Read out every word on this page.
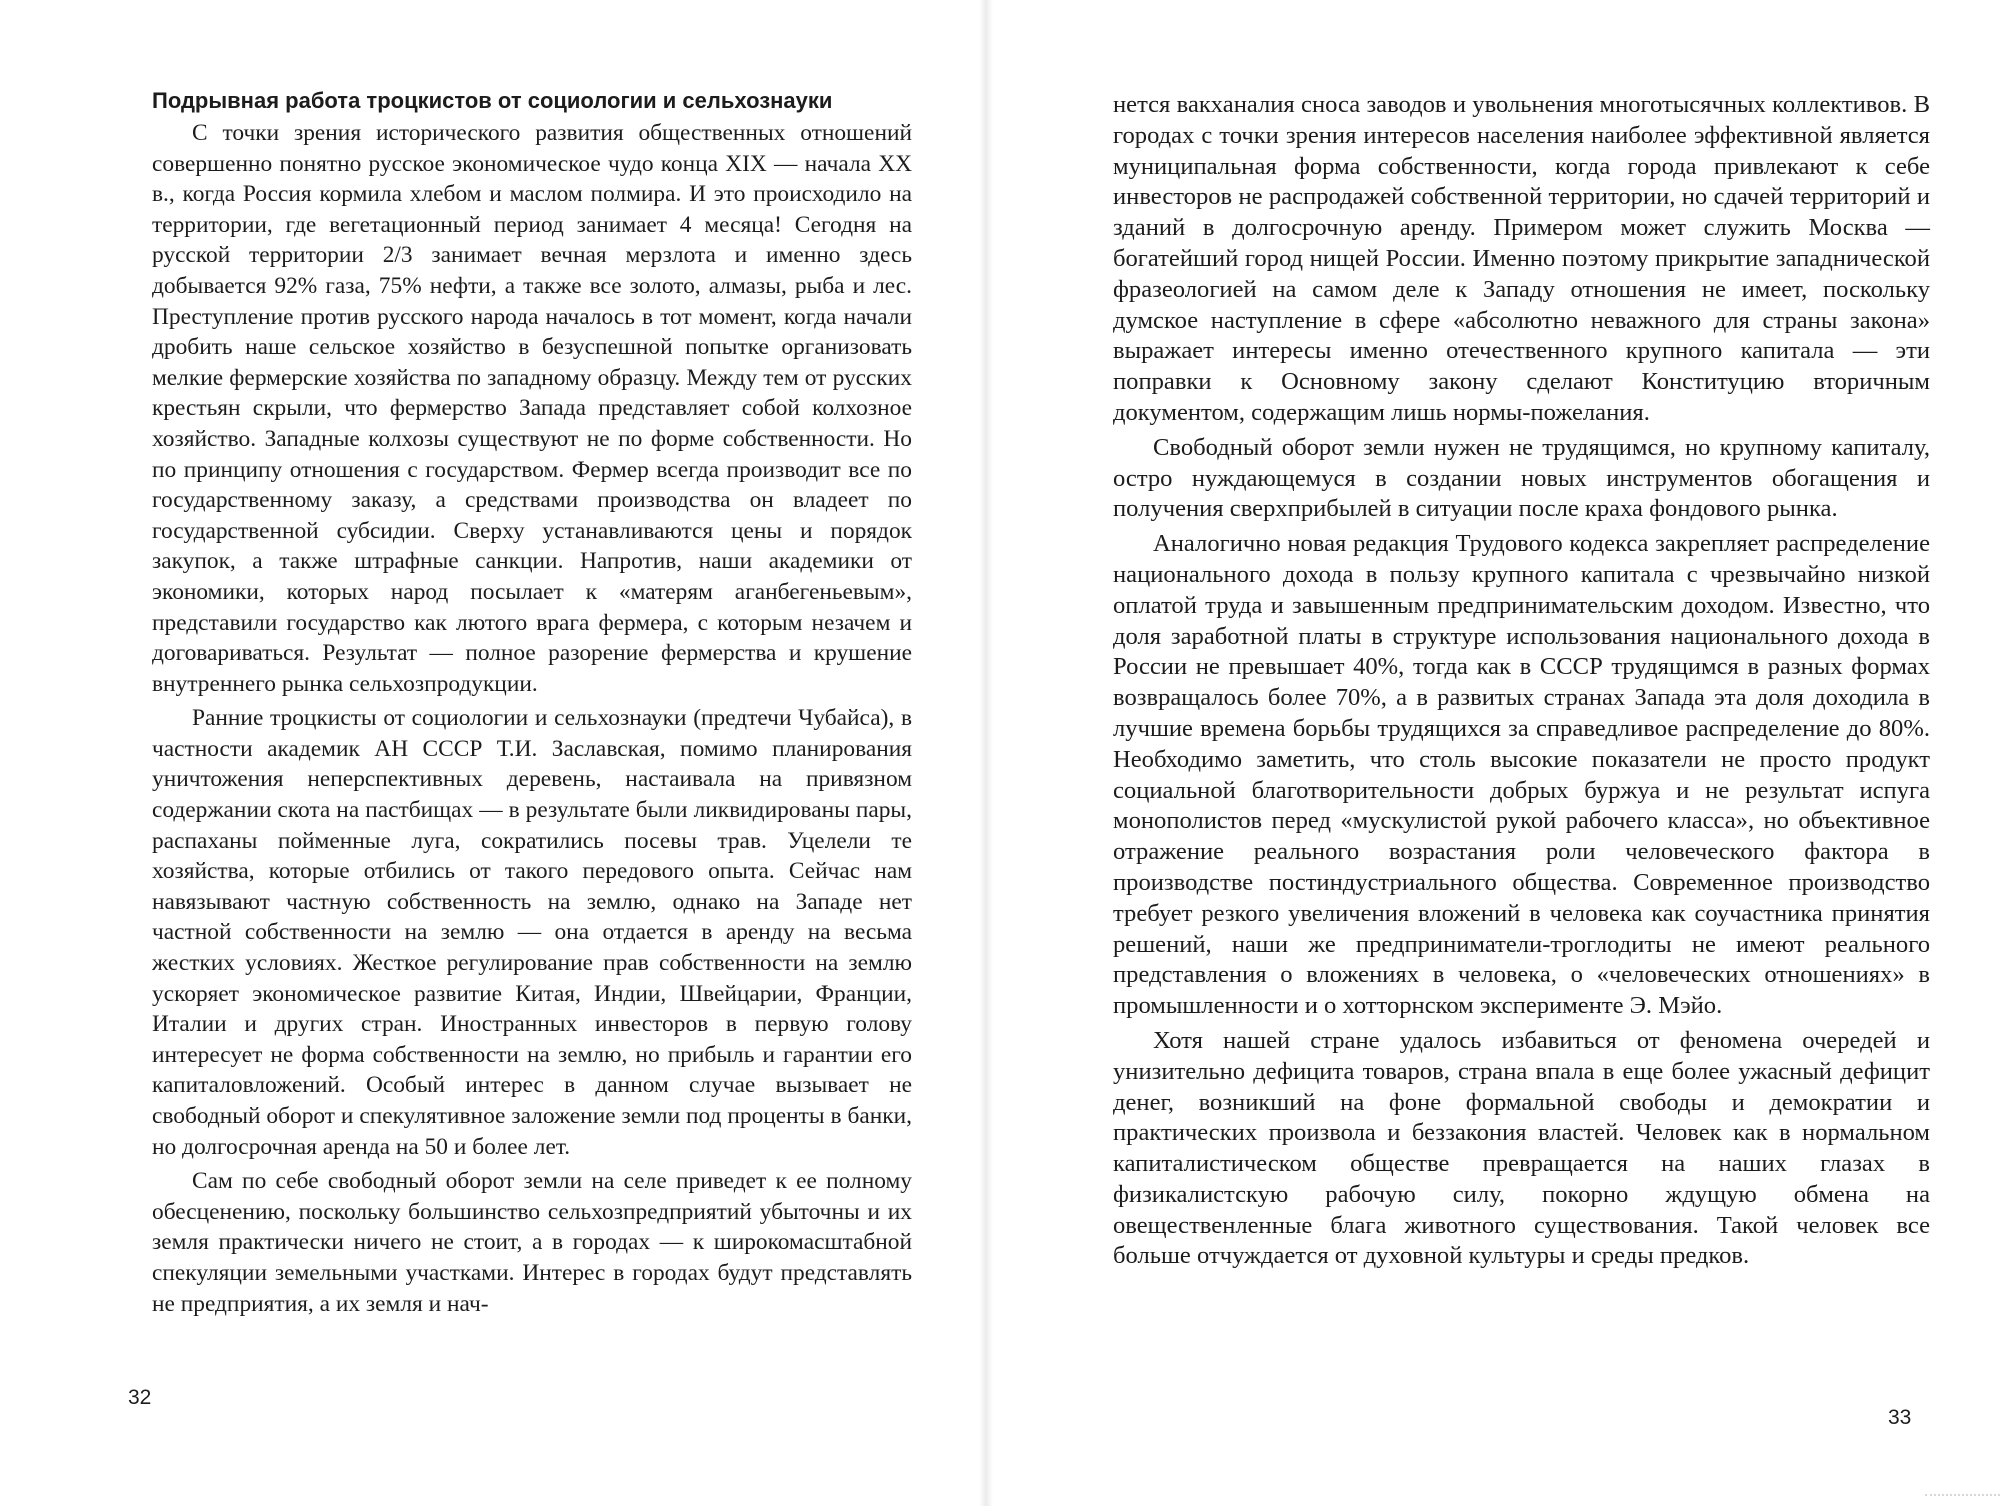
Подрывная работа троцкистов от социологии и сельхознауки

С точки зрения исторического развития общественных отношений совершенно понятно русское экономическое чудо конца XIX — начала XX в., когда Россия кормила хлебом и маслом полмира. И это происходило на территории, где вегетационный период занимает 4 месяца! Сегодня на русской территории 2/3 занимает вечная мерзлота и именно здесь добывается 92% газа, 75% нефти, а также все золото, алмазы, рыба и лес. Преступление против русского народа началось в тот момент, когда начали дробить наше сельское хозяйство в безуспешной попытке организовать мелкие фермерские хозяйства по западному образцу. Между тем от русских крестьян скрыли, что фермерство Запада представляет собой колхозное хозяйство. Западные колхозы существуют не по форме собственности. Но по принципу отношения с государством. Фермер всегда производит все по государственному заказу, а средствами производства он владеет по государственной субсидии. Сверху устанавливаются цены и порядок закупок, а также штрафные санкции. Напротив, наши академики от экономики, которых народ посылает к «матерям аганбегеньевым», представили государство как лютого врага фермера, с которым незачем и договариваться. Результат — полное разорение фермерства и крушение внутреннего рынка сельхозпродукции.

Ранние троцкисты от социологии и сельхознауки (предтечи Чубайса), в частности академик АН СССР Т.И. Заславская, помимо планирования уничтожения неперспективных деревень, настаивала на привязном содержании скота на пастбищах — в результате были ликвидированы пары, распаханы пойменные луга, сократились посевы трав. Уцелели те хозяйства, которые отбились от такого передового опыта. Сейчас нам навязывают частную собственность на землю, однако на Западе нет частной собственности на землю — она отдается в аренду на весьма жестких условиях. Жесткое регулирование прав собственности на землю ускоряет экономическое развитие Китая, Индии, Швейцарии, Франции, Италии и других стран. Иностранных инвесторов в первую голову интересует не форма собственности на землю, но прибыль и гарантии его капиталовложений. Особый интерес в данном случае вызывает не свободный оборот и спекулятивное заложение земли под проценты в банки, но долгосрочная аренда на 50 и более лет.

Сам по себе свободный оборот земли на селе приведет к ее полному обесценению, поскольку большинство сельхозпредприятий убыточны и их земля практически ничего не стоит, а в городах — к широкомасштабной спекуляции земельными участками. Интерес в городах будут представлять не предприятия, а их земля и нач-

32

нется вакханалия сноса заводов и увольнения многотысячных коллективов. В городах с точки зрения интересов населения наиболее эффективной является муниципальная форма собственности, когда города привлекают к себе инвесторов не распродажей собственной территории, но сдачей территорий и зданий в долгосрочную аренду. Примером может служить Москва — богатейший город нищей России. Именно поэтому прикрытие западнической фразеологией на самом деле к Западу отношения не имеет, поскольку думское наступление в сфере «абсолютно неважного для страны закона» выражает интересы именно отечественного крупного капитала — эти поправки к Основному закону сделают Конституцию вторичным документом, содержащим лишь нормы-пожелания.

Свободный оборот земли нужен не трудящимся, но крупному капиталу, остро нуждающемуся в создании новых инструментов обогащения и получения сверхприбылей в ситуации после краха фондового рынка.

Аналогично новая редакция Трудового кодекса закрепляет распределение национального дохода в пользу крупного капитала с чрезвычайно низкой оплатой труда и завышенным предпринимательским доходом. Известно, что доля заработной платы в структуре использования национального дохода в России не превышает 40%, тогда как в СССР трудящимся в разных формах возвращалось более 70%, а в развитых странах Запада эта доля доходила в лучшие времена борьбы трудящихся за справедливое распределение до 80%. Необходимо заметить, что столь высокие показатели не просто продукт социальной благотворительности добрых буржуа и не результат испуга монополистов перед «мускулистой рукой рабочего класса», но объективное отражение реального возрастания роли человеческого фактора в производстве постиндустриального общества. Современное производство требует резкого увеличения вложений в человека как соучастника принятия решений, наши же предприниматели-троглодиты не имеют реального представления о вложениях в человека, о «человеческих отношениях» в промышленности и о хотторнском эксперименте Э. Мэйо.

Хотя нашей стране удалось избавиться от феномена очередей и унизительно дефицита товаров, страна впала в еще более ужасный дефицит денег, возникший на фоне формальной свободы и демократии и практических произвола и беззакония властей. Человек как в нормальном капиталистическом обществе превращается на наших глазах в физикалистскую рабочую силу, покорно ждущую обмена на овещественленные блага животного существования. Такой человек все больше отчуждается от духовной культуры и среды предков.

33
